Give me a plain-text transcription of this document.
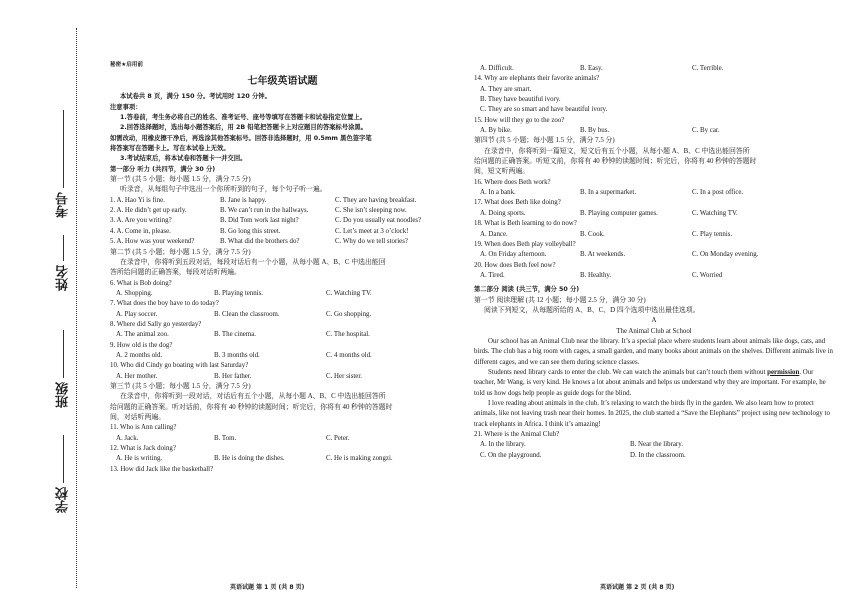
考号
姓名
班级
学校
秘密★启用前
七年级英语试题
本试卷共 8 页，满分 150 分。考试用时 120 分钟。
注意事项：
1.答卷前，考生务必将自己的姓名、准考证号、座号等填写在答题卡和试卷指定位置上。
2.回答选择题时，选出每小题答案后，用 2B 铅笔把答题卡上对应题目的答案标号涂黑。
如需改动，用橡皮擦干净后，再选涂其他答案标号。回答非选择题时，用 0.5mm 黑色签字笔
将答案写在答题卡上。写在本试卷上无效。
3.考试结束后，将本试卷和答题卡一并交回。
第一部分 听力 (共四节，满分 30 分)
第一节 (共 5 小题；每小题 1.5 分，满分 7.5 分)
听录音，从每组句子中选出一个你所听到的句子，每个句子听一遍。
1. A. Hao Yi is fine.	B. Jane is happy.	C. They are having breakfast.
2. A. He didn’t get up early.	B. We can’t run in the hallways.	C. She isn’t sleeping now.
3. A. Are you writing?	B. Did Tom work last night?	C. Do you usually eat noodles?
4. A. Come in, please.	B. Go long this street.	C. Let’s meet at 3 o’clock!
5. A. How was your weekend?	B. What did the brothers do?	C. Why do we tell stories?
第二节 (共 5 小题；每小题 1.5 分，满分 7.5 分)
在录音中，你将听到五段对话，每段对话后有一个小题，从每小题 A、B、C 中选出能回
答所给问题的正确答案，每段对话听两遍。
6. What is Bob doing?
A. Shopping.	B. Playing tennis.	C. Watching TV.
7. What does the boy have to do today?
A. Play soccer.	B. Clean the classroom.	C. Go shopping.
8. Where did Sally go yesterday?
A. The animal zoo.	B. The cinema.	C. The hospital.
9. How old is the dog?
A. 2 months old.	B. 3 months old.	C. 4 months old.
10. Who did Cindy go boating with last Saturday?
A. Her mother.	B. Her father.	C. Her sister.
第三节 (共 5 小题；每小题 1.5 分，满分 7.5 分)
在录音中，你将听到一段对话，对话后有五个小题，从每小题 A、B、C 中选出能回答所
给问题的正确答案。听对话前，你将有 40 秒钟的读题时间；听完后，你将有 40 秒钟的答题时
间，对话听两遍。
11. Who is Ann calling?
A. Jack.	B. Tom.	C. Peter.
12. What is Jack doing?
A. He is writing.	B. He is doing the dishes.	C. He is making zongzi.
13. How did Jack like the basketball?
英语试题 第 1 页 (共 8 页)
A. Difficult.	B. Easy.	C. Terrible.
14. Why are elephants their favorite animals?
A. They are smart.
B. They have beautiful ivory.
C. They are so smart and have beautiful ivory.
15. How will they go to the zoo?
A. By bike.	B. By bus.	C. By car.
第四节 (共 5 小题；每小题 1.5 分，满分 7.5 分)
在录音中，你将听到一篇短文，短文后有五个小题，从每小题 A、B、C 中选出能回答所
给问题的正确答案。听短文前，你将有 40 秒钟的读题时间；听完后，你将有 40 秒钟的答题时
间，短文听两遍。
16. Where does Beth work?
A. In a bank.	B. In a supermarket.	C. In a post office.
17. What does Beth like doing?
A. Doing sports.	B. Playing computer games.	C. Watching TV.
18. What is Beth learning to do now?
A. Dance.	B. Cook.	C. Play tennis.
19. When does Beth play volleyball?
A. On Friday afternoon.	B. At weekends.	C. On Monday evening.
20. How does Beth feel now?
A. Tired.	B. Healthy.	C. Worried
第二部分 阅读 (共三节，满分 50 分)
第一节 阅读理解 (共 12 小题；每小题 2.5 分，满分 30 分)
阅读下列短文，从每题所给的 A、B、C、D 四个选项中选出最佳选项。
A
The Animal Club at School

Our school has an Animal Club near the library. It’s a special place where students learn about animals like dogs, cats, and birds. The club has a big room with cages, a small garden, and many books about animals on the shelves. Different animals live in different cages, and we can see them during science classes.

Students need library cards to enter the club. We can watch the animals but can’t touch them without permission. Our teacher, Mr Wang, is very kind. He knows a lot about animals and helps us understand why they are important. For example, he told us how dogs help people as guide dogs for the blind.

I love reading about animals in the club. It’s relaxing to watch the birds fly in the garden. We also learn how to protect animals, like not leaving trash near their homes. In 2025, the club started a “Save the Elephants” project using new technology to track elephants in Africa. I think it’s amazing!

21. Where is the Animal Club?
A. In the library.	B. Near the library.
C. On the playground.	D. In the classroom.
英语试题 第 2 页 (共 8 页)
